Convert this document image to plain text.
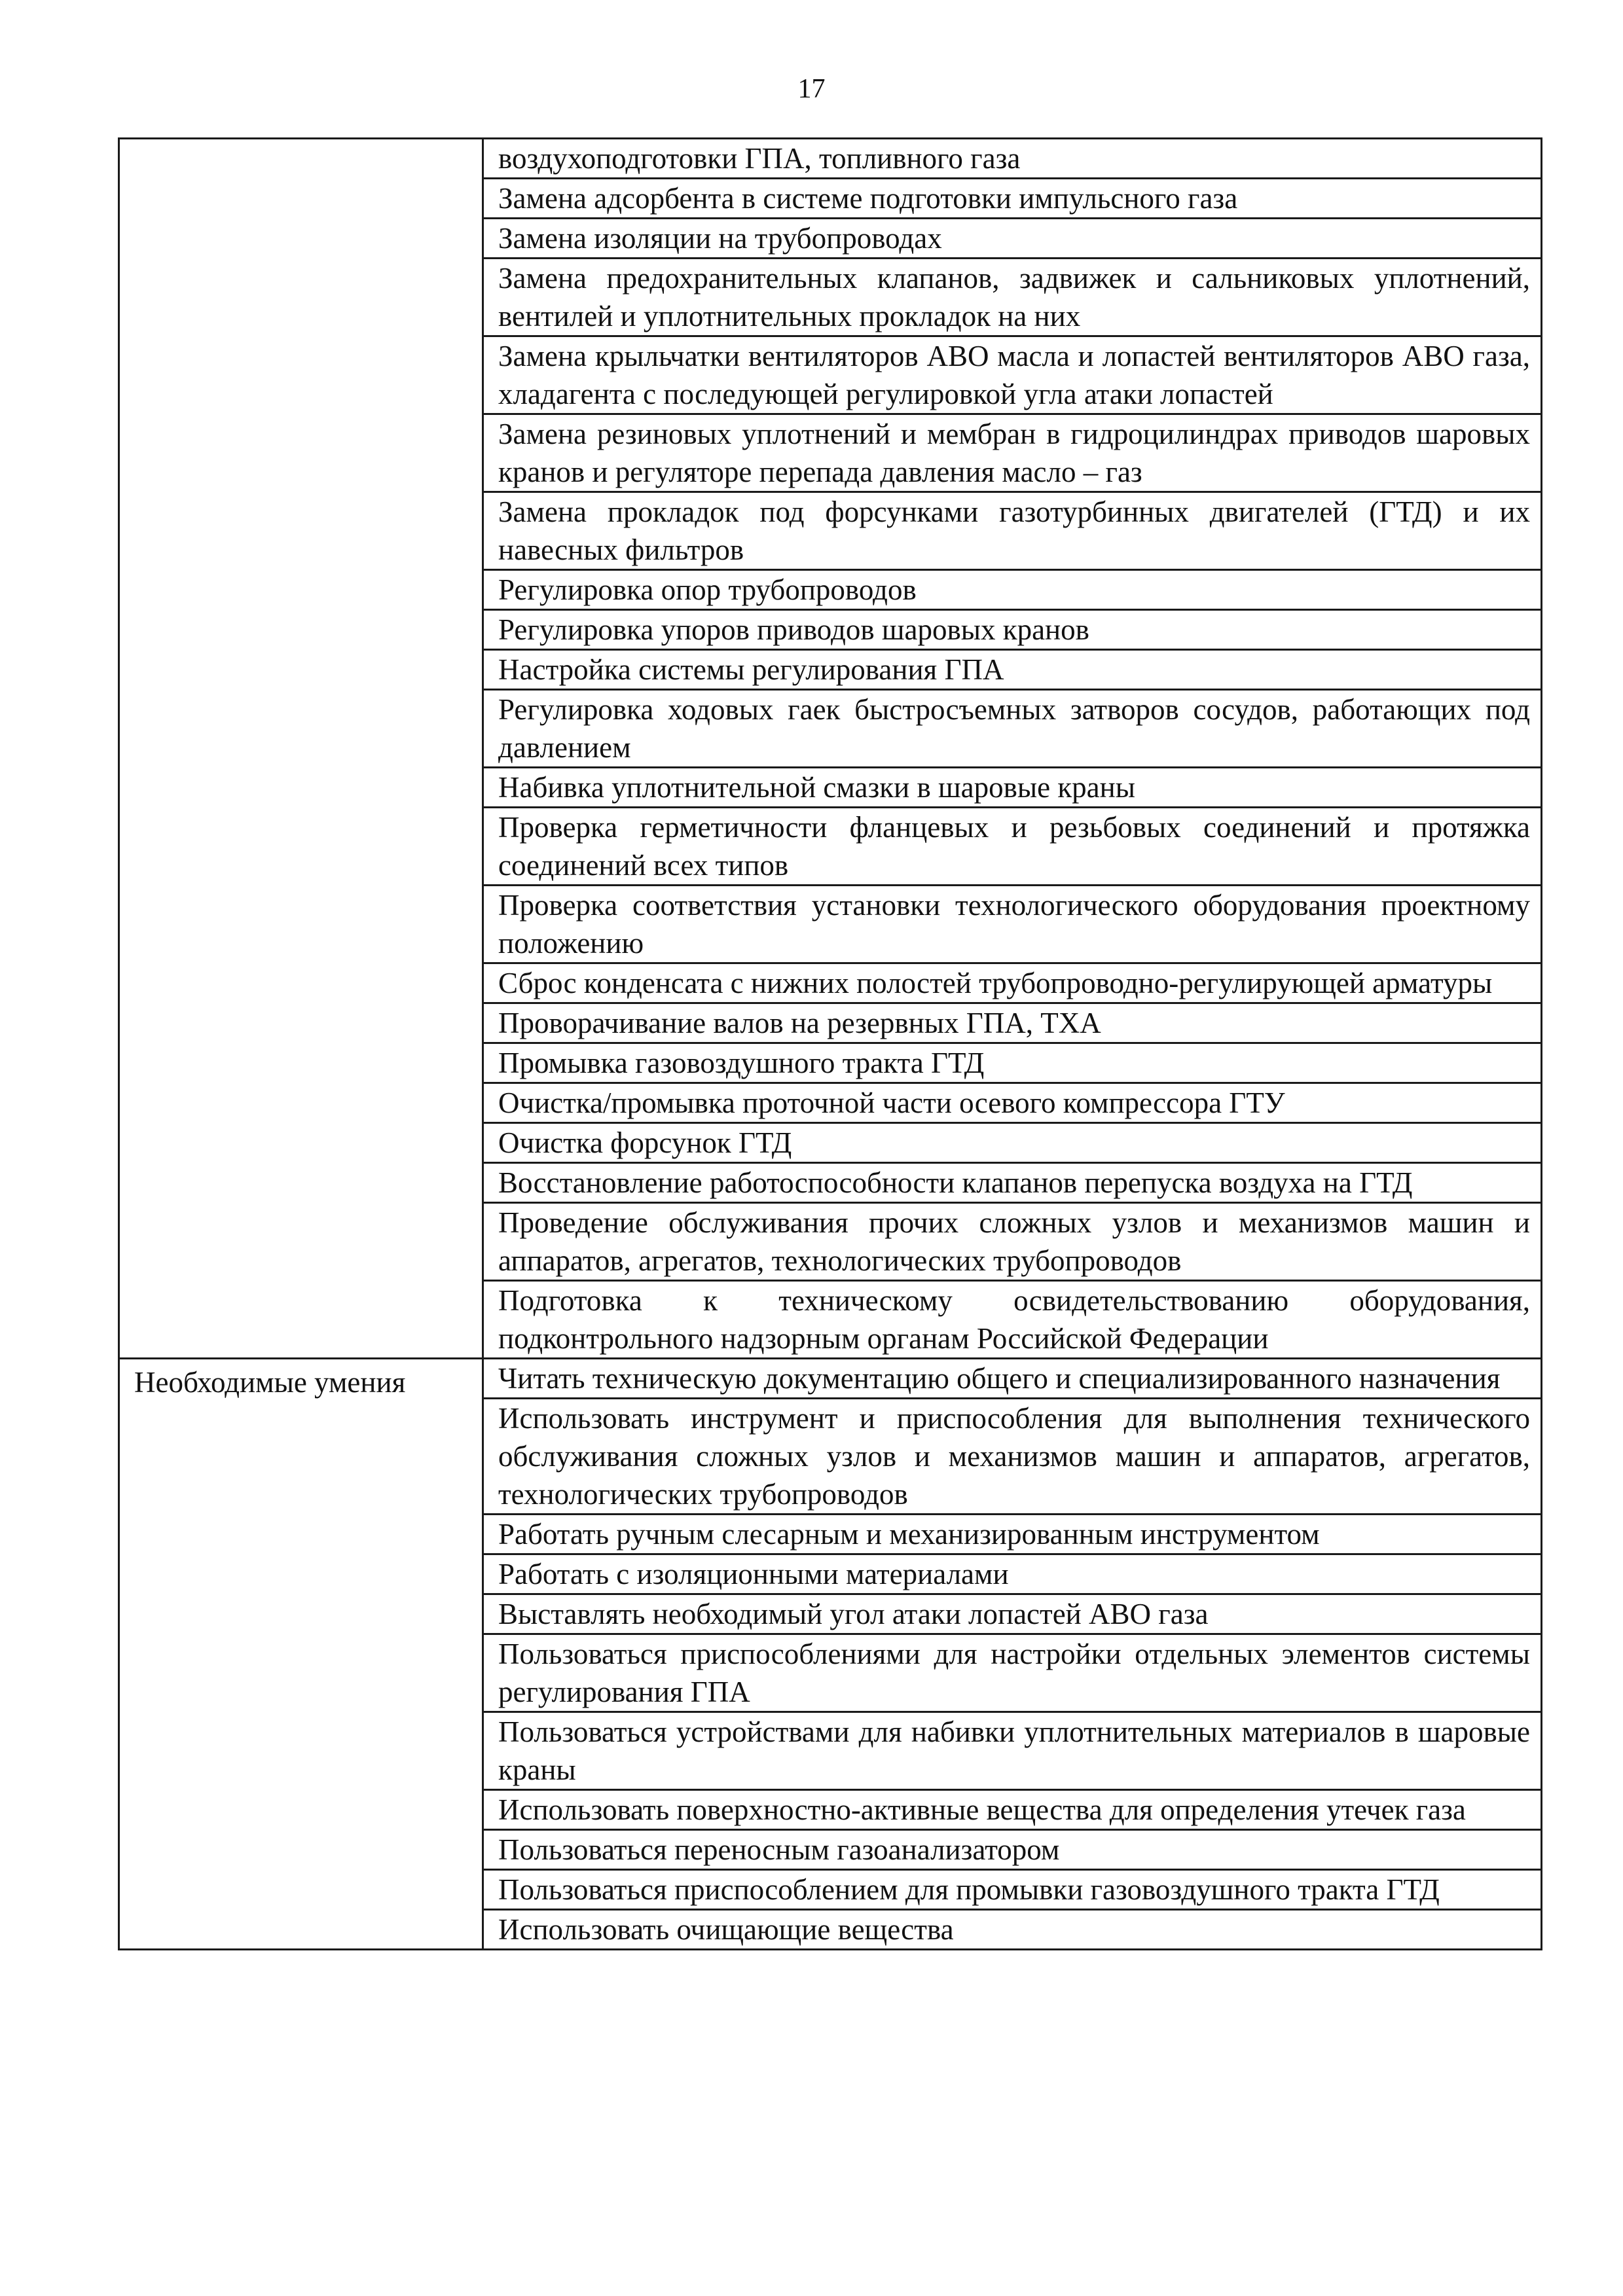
17
	воздухоподготовки ГПА, топливного газа
	Замена адсорбента в системе подготовки импульсного газа
	Замена изоляции на трубопроводах
	Замена предохранительных клапанов, задвижек и сальниковых уплотнений, вентилей и уплотнительных прокладок на них
	Замена крыльчатки вентиляторов АВО масла и лопастей вентиляторов АВО газа, хладагента с последующей регулировкой угла атаки лопастей
	Замена резиновых уплотнений и мембран в гидроцилиндрах приводов шаровых кранов и регуляторе перепада давления масло – газ
	Замена прокладок под форсунками газотурбинных двигателей (ГТД) и их навесных фильтров
	Регулировка опор трубопроводов
	Регулировка упоров приводов шаровых кранов
	Настройка системы регулирования ГПА
	Регулировка ходовых гаек быстросъемных затворов сосудов, работающих под давлением
	Набивка уплотнительной смазки в шаровые краны
	Проверка герметичности фланцевых и резьбовых соединений и протяжка соединений всех типов
	Проверка соответствия установки технологического оборудования проектному положению
	Сброс конденсата с нижних полостей трубопроводно-регулирующей арматуры
	Проворачивание валов на резервных ГПА, ТХА
	Промывка газовоздушного тракта ГТД
	Очистка/промывка проточной части осевого компрессора ГТУ
	Очистка форсунок ГТД
	Восстановление работоспособности клапанов перепуска воздуха на ГТД
	Проведение обслуживания прочих сложных узлов и механизмов машин и аппаратов, агрегатов, технологических трубопроводов
	Подготовка к техническому освидетельствованию оборудования, подконтрольного надзорным органам Российской Федерации
Необходимые умения	Читать техническую документацию общего и специализированного назначения
	Использовать инструмент и приспособления для выполнения технического обслуживания сложных узлов и механизмов машин и аппаратов, агрегатов, технологических трубопроводов
	Работать ручным слесарным и механизированным инструментом
	Работать с изоляционными материалами
	Выставлять необходимый угол атаки лопастей АВО газа
	Пользоваться приспособлениями для настройки отдельных элементов системы регулирования ГПА
	Пользоваться устройствами для набивки уплотнительных материалов в шаровые краны
	Использовать поверхностно-активные вещества для определения утечек газа
	Пользоваться переносным газоанализатором
	Пользоваться приспособлением для промывки газовоздушного тракта ГТД
	Использовать очищающие вещества
